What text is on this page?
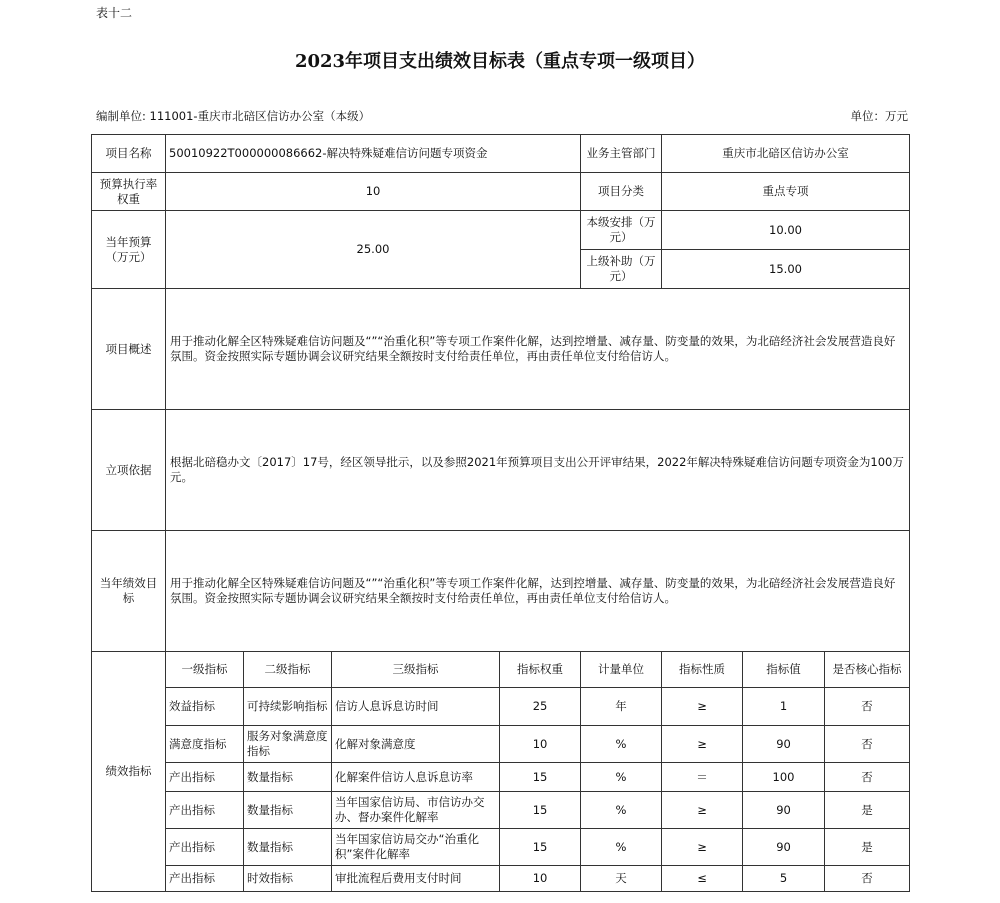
表十二
2023年项目支出绩效目标表（重点专项一级项目）
编制单位: 111001-重庆市北碚区信访办公室（本级）	单位：万元
项目名称	50010922T000000086662-解决特殊疑难信访问题专项资金				业务主管部门	重庆市北碚区信访办公室		
预算执行率权重	10				项目分类	重点专项		
当年预算（万元）	25.00				本级安排（万元）	10.00		
					上级补助（万元）	15.00		
项目概述	用于推动化解全区特殊疑难信访问题及“”“治重化积”等专项工作案件化解，达到控增量、减存量、防变量的效果，为北碚经济社会发展营造良好氛围。资金按照实际专题协调会议研究结果全额按时支付给责任单位，再由责任单位支付给信访人。							
立项依据	根据北碚稳办文〔2017〕17号，经区领导批示，以及参照2021年预算项目支出公开评审结果，2022年解决特殊疑难信访问题专项资金为100万元。							
当年绩效目标	用于推动化解全区特殊疑难信访问题及“”“治重化积”等专项工作案件化解，达到控增量、减存量、防变量的效果，为北碚经济社会发展营造良好氛围。资金按照实际专题协调会议研究结果全额按时支付给责任单位，再由责任单位支付给信访人。							
绩效指标	一级指标	二级指标	三级指标	指标权重	计量单位	指标性质	指标值	是否核心指标
	效益指标	可持续影响指标	信访人息诉息访时间	25	年	≥	1	否
	满意度指标	服务对象满意度指标	化解对象满意度	10	%	≥	90	否
	产出指标	数量指标	化解案件信访人息诉息访率	15	%	＝	100	否
	产出指标	数量指标	当年国家信访局、市信访办交办、督办案件化解率	15	%	≥	90	是
	产出指标	数量指标	当年国家信访局交办“治重化积”案件化解率	15	%	≥	90	是
	产出指标	时效指标	审批流程后费用支付时间	10	天	≤	5	否
